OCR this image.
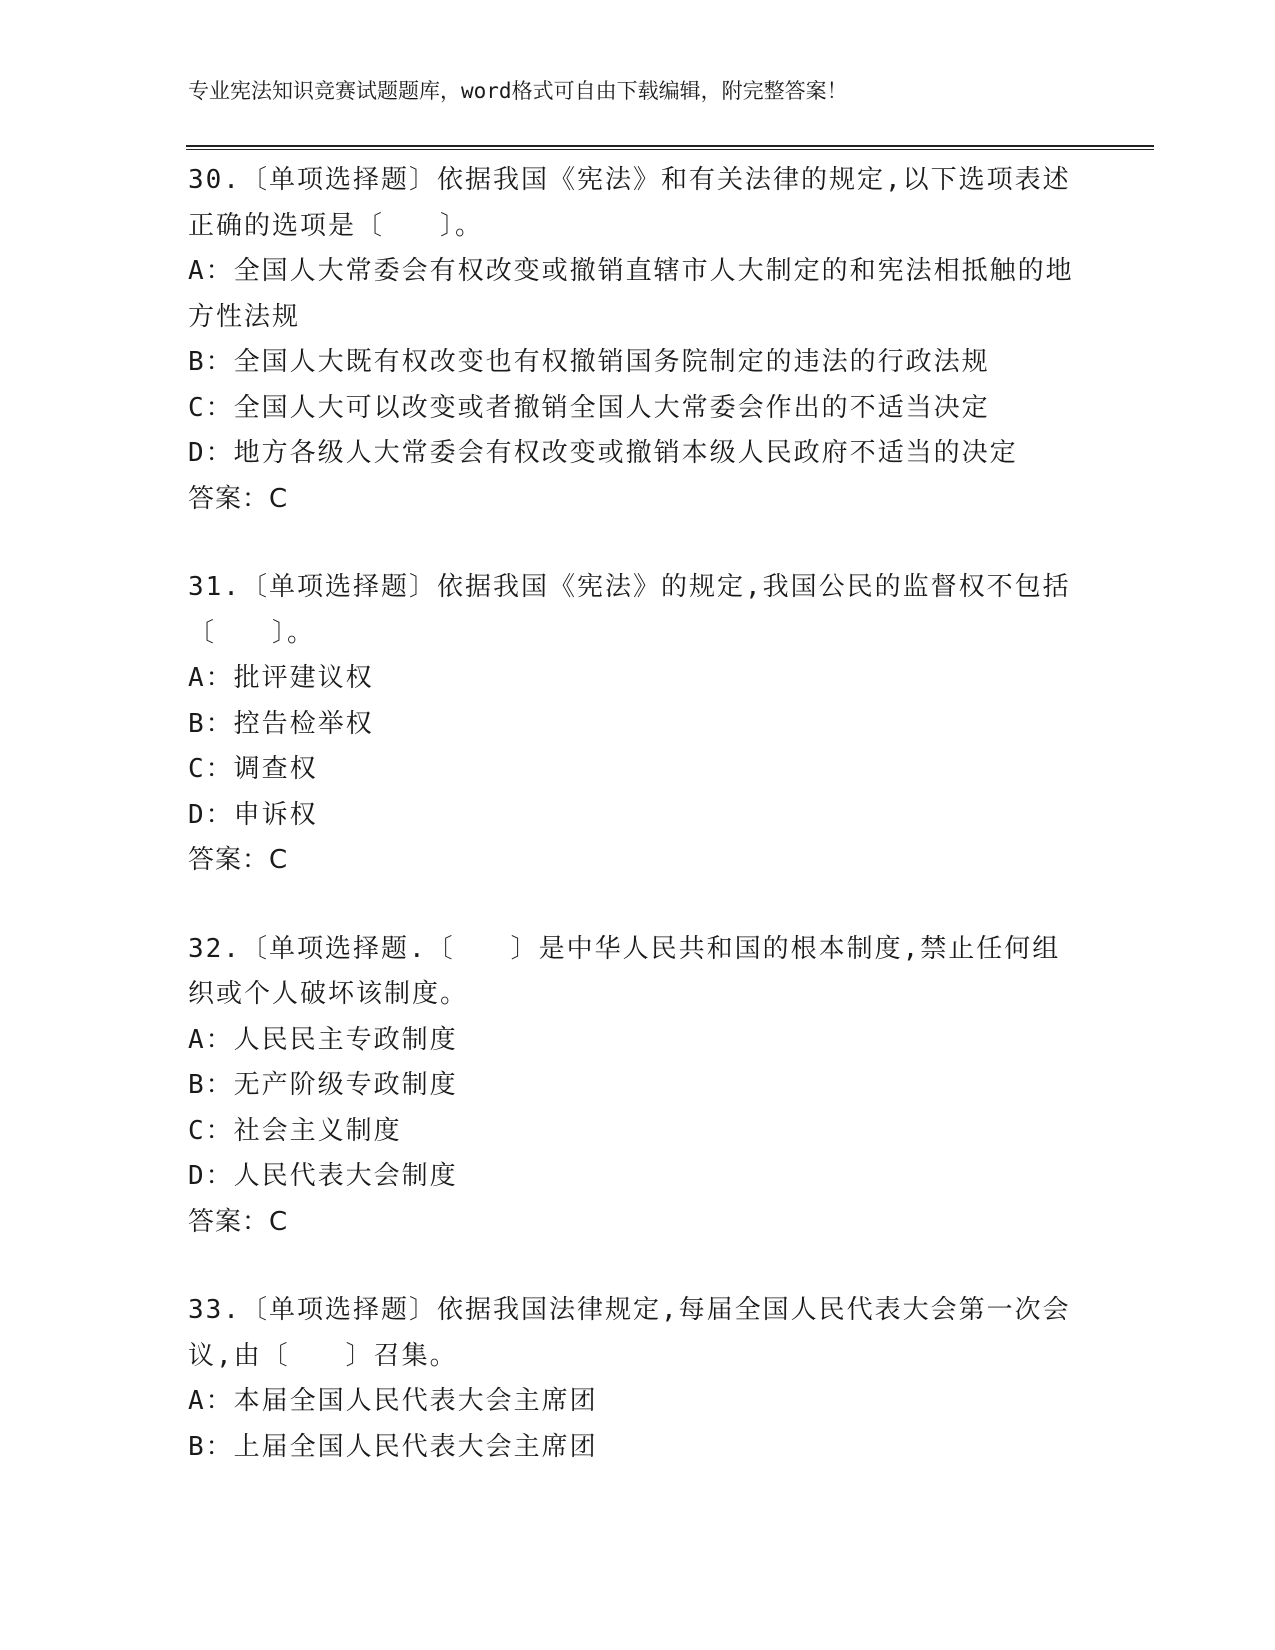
专业宪法知识竞赛试题题库，word格式可自由下载编辑，附完整答案！

30.〔单项选择题〕依据我国《宪法》和有关法律的规定,以下选项表述正确的选项是〔　　〕。

A：全国人大常委会有权改变或撤销直辖市人大制定的和宪法相抵触的地方性法规

B：全国人大既有权改变也有权撤销国务院制定的违法的行政法规

C：全国人大可以改变或者撤销全国人大常委会作出的不适当决定

D：地方各级人大常委会有权改变或撤销本级人民政府不适当的决定

答案：C

31.〔单项选择题〕依据我国《宪法》的规定,我国公民的监督权不包括〔　　〕。

A：批评建议权

B：控告检举权

C：调查权

D：申诉权

答案：C

32.〔单项选择题.〔　　〕是中华人民共和国的根本制度,禁止任何组织或个人破坏该制度。

A：人民民主专政制度

B：无产阶级专政制度

C：社会主义制度

D：人民代表大会制度

答案：C

33.〔单项选择题〕依据我国法律规定,每届全国人民代表大会第一次会议,由〔　　〕召集。

A：本届全国人民代表大会主席团

B：上届全国人民代表大会主席团
